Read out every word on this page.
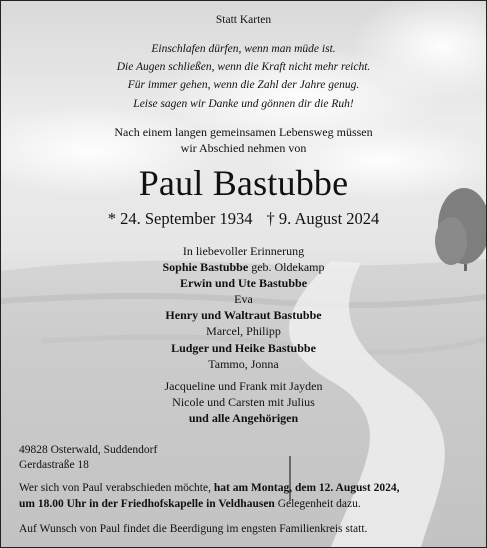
Statt Karten
Einschlafen dürfen, wenn man müde ist.
Die Augen schließen, wenn die Kraft nicht mehr reicht.
Für immer gehen, wenn die Zahl der Jahre genug.
Leise sagen wir Danke und gönnen dir die Ruh!
Nach einem langen gemeinsamen Lebensweg müssen
wir Abschied nehmen von
Paul Bastubbe
* 24. September 1934 † 9. August 2024
In liebevoller Erinnerung
Sophie Bastubbe geb. Oldekamp
Erwin und Ute Bastubbe
Eva
Henry und Waltraut Bastubbe
Marcel, Philipp
Ludger und Heike Bastubbe
Tammo, Jonna
Jacqueline und Frank mit Jayden
Nicole und Carsten mit Julius
und alle Angehörigen
49828 Osterwald, Suddendorf
Gerdastraße 18
Wer sich von Paul verabschieden möchte, hat am Montag, dem 12. August 2024,
um 18.00 Uhr in der Friedhofskapelle in Veldhausen Gelegenheit dazu.
Auf Wunsch von Paul findet die Beerdigung im engsten Familienkreis statt.
